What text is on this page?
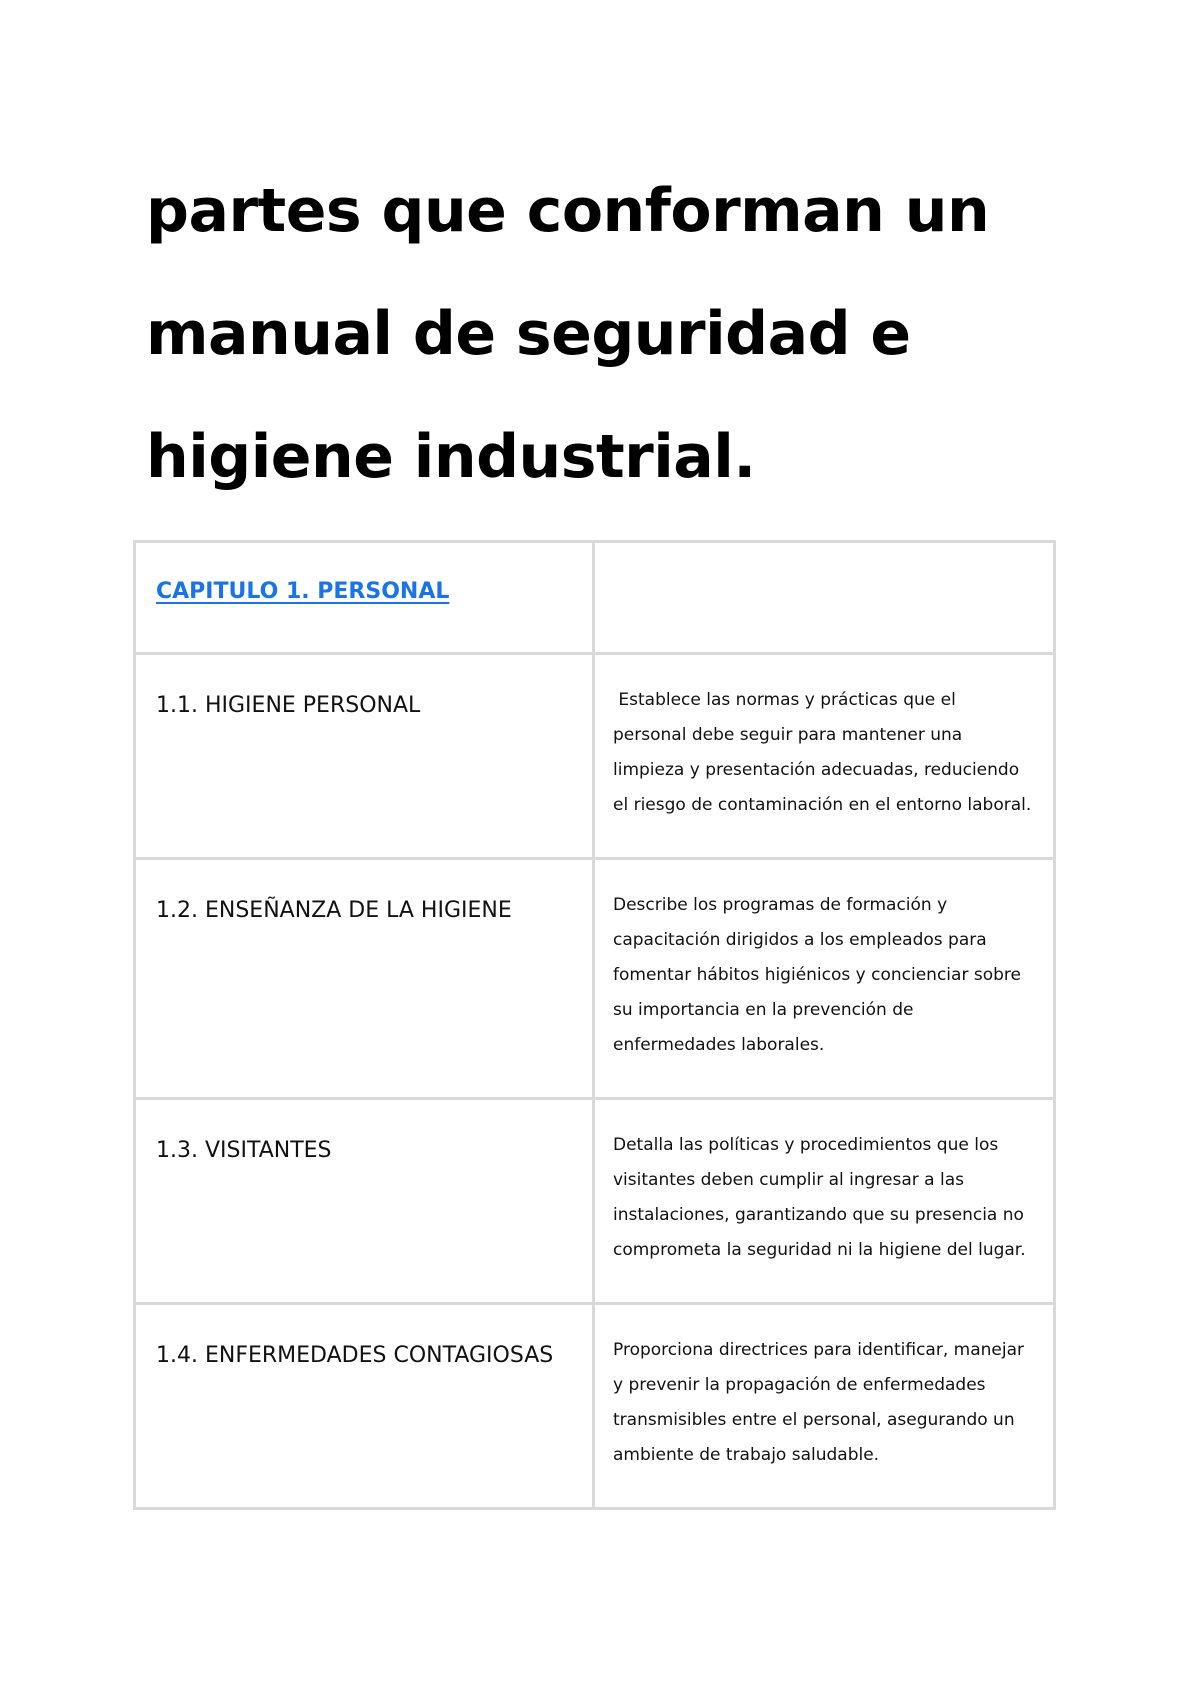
partes que conforman un manual de seguridad e higiene industrial.
CAPITULO 1. PERSONAL	

1.1. HIGIENE PERSONAL	Establece las normas y prácticas que el personal debe seguir para mantener una limpieza y presentación adecuadas, reduciendo el riesgo de contaminación en el entorno laboral.

1.2. ENSEÑANZA DE LA HIGIENE	Describe los programas de formación y capacitación dirigidos a los empleados para fomentar hábitos higiénicos y concienciar sobre su importancia en la prevención de enfermedades laborales.

1.3. VISITANTES	Detalla las políticas y procedimientos que los visitantes deben cumplir al ingresar a las instalaciones, garantizando que su presencia no comprometa la seguridad ni la higiene del lugar.

1.4. ENFERMEDADES CONTAGIOSAS	Proporciona directrices para identificar, manejar y prevenir la propagación de enfermedades transmisibles entre el personal, asegurando un ambiente de trabajo saludable.
